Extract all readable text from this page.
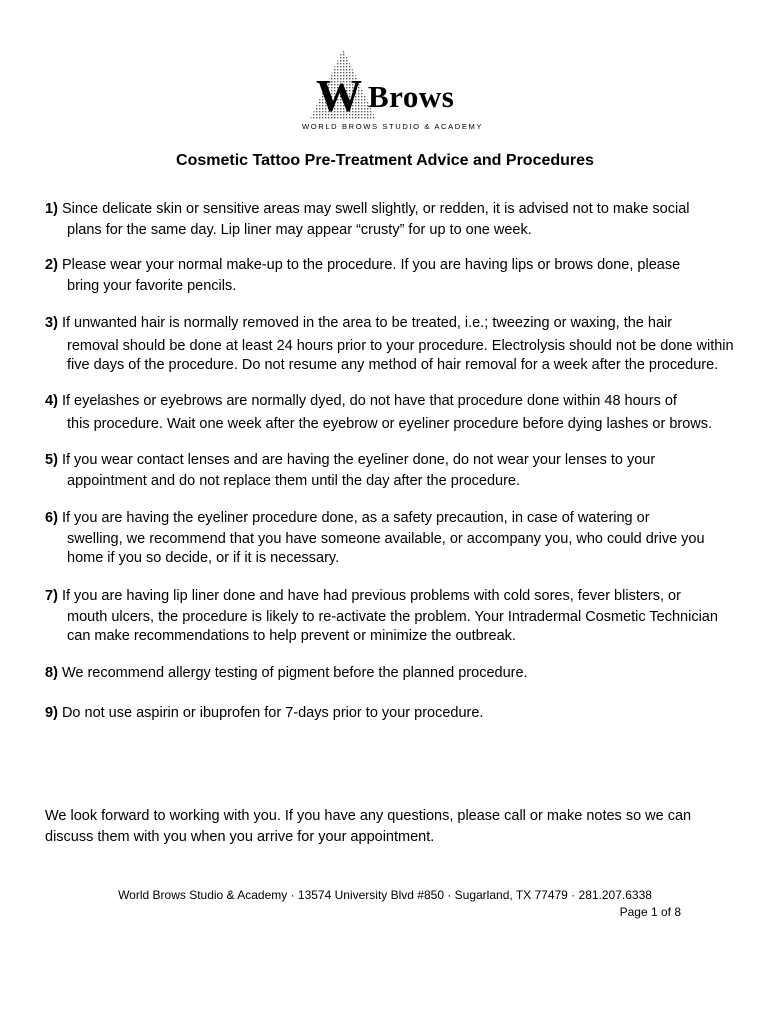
W Brows
WORLD BROWS STUDIO & ACADEMY
Cosmetic Tattoo Pre-Treatment Advice and Procedures
1) Since delicate skin or sensitive areas may swell slightly, or redden, it is advised not to make social
plans for the same day. Lip liner may appear “crusty” for up to one week.
2) Please wear your normal make-up to the procedure. If you are having lips or brows done, please
bring your favorite pencils.
3) If unwanted hair is normally removed in the area to be treated, i.e.; tweezing or waxing, the hair
removal should be done at least 24 hours prior to your procedure. Electrolysis should not be done within five days of the procedure. Do not resume any method of hair removal for a week after the procedure.
4) If eyelashes or eyebrows are normally dyed, do not have that procedure done within 48 hours of
this procedure. Wait one week after the eyebrow or eyeliner procedure before dying lashes or brows.
5) If you wear contact lenses and are having the eyeliner done, do not wear your lenses to your
appointment and do not replace them until the day after the procedure.
6) If you are having the eyeliner procedure done, as a safety precaution, in case of watering or
swelling, we recommend that you have someone available, or accompany you, who could drive you home if you so decide, or if it is necessary.
7) If you are having lip liner done and have had previous problems with cold sores, fever blisters, or
mouth ulcers, the procedure is likely to re-activate the problem. Your Intradermal Cosmetic Technician can make recommendations to help prevent or minimize the outbreak.
8) We recommend allergy testing of pigment before the planned procedure.
9) Do not use aspirin or ibuprofen for 7-days prior to your procedure.
We look forward to working with you. If you have any questions, please call or make notes so we can discuss them with you when you arrive for your appointment.
World Brows Studio & Academy · 13574 University Blvd #850 · Sugarland, TX 77479 · 281.207.6338
Page 1 of 8
